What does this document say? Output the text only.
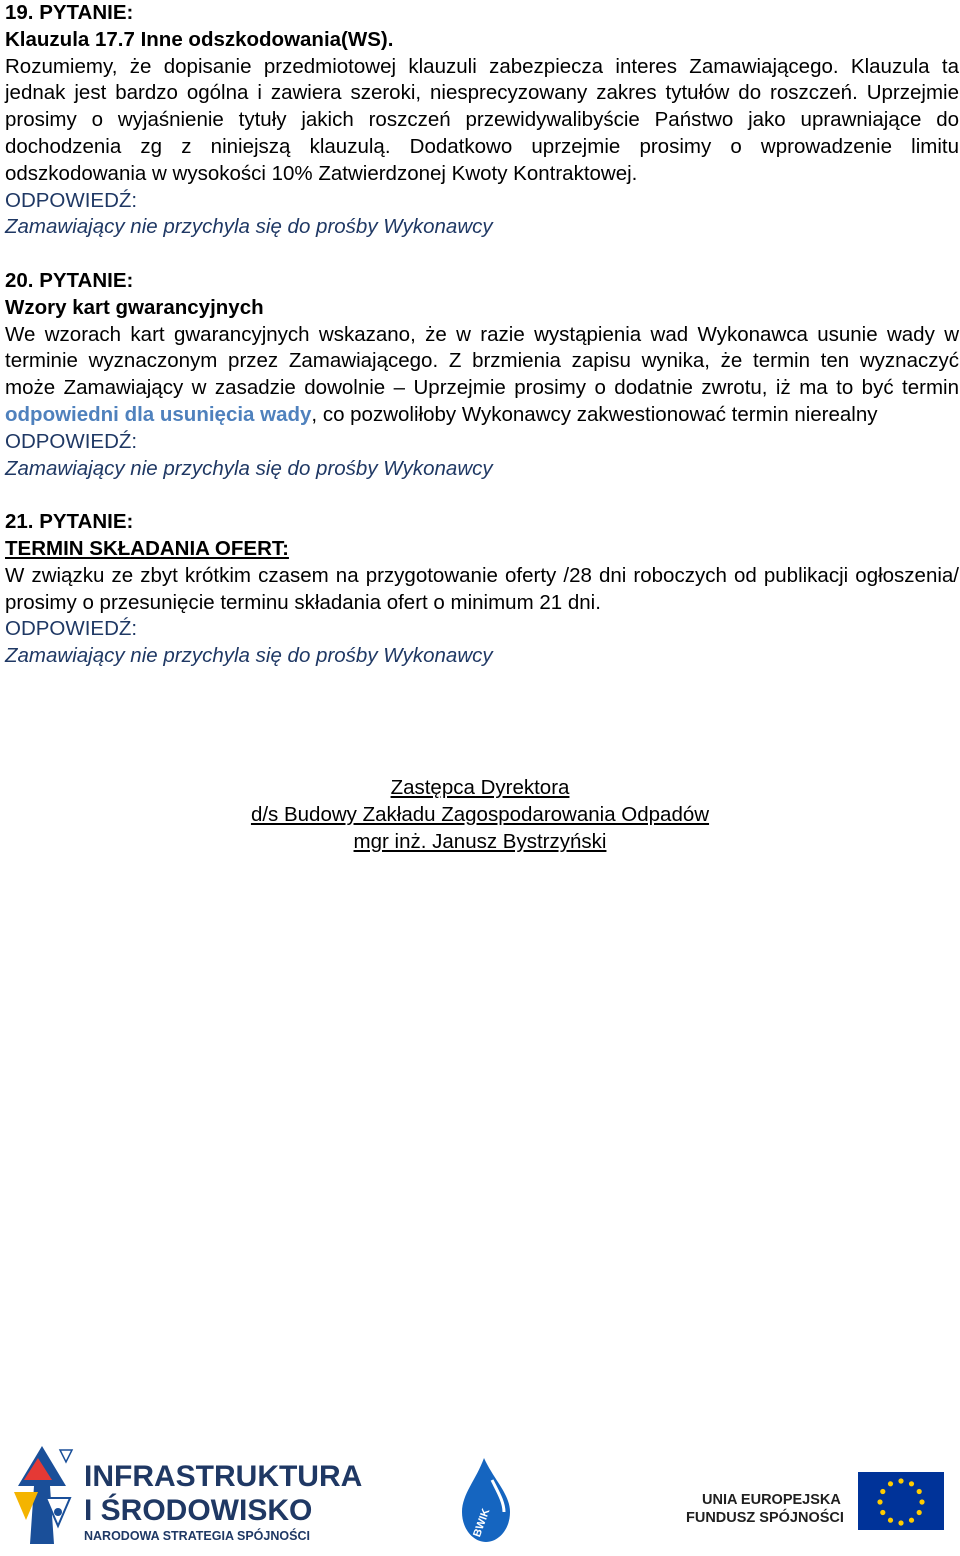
19. PYTANIE:

Klauzula 17.7 Inne odszkodowania(WS).

Rozumiemy, że dopisanie przedmiotowej klauzuli zabezpiecza interes Zamawiającego. Klauzula ta jednak jest bardzo ogólna i zawiera szeroki, niesprecyzowany zakres tytułów do roszczeń. Uprzejmie prosimy o wyjaśnienie tytuły jakich roszczeń przewidywalibyście Państwo jako uprawniające do dochodzenia zg z niniejszą klauzulą. Dodatkowo uprzejmie prosimy o wprowadzenie limitu odszkodowania w wysokości 10% Zatwierdzonej Kwoty Kontraktowej.

ODPOWIEDŹ:

Zamawiający nie przychyla się do prośby Wykonawcy

20. PYTANIE:

Wzory kart gwarancyjnych

We wzorach kart gwarancyjnych wskazano, że w razie wystąpienia wad Wykonawca usunie wady w terminie wyznaczonym przez Zamawiającego. Z brzmienia zapisu wynika, że termin ten wyznaczyć może Zamawiający w zasadzie dowolnie – Uprzejmie prosimy o dodatnie zwrotu, iż ma to być termin odpowiedni dla usunięcia wady, co pozwoliłoby Wykonawcy zakwestionować termin nierealny

ODPOWIEDŹ:

Zamawiający nie przychyla się do prośby Wykonawcy

21. PYTANIE:

TERMIN SKŁADANIA OFERT:

W związku ze zbyt krótkim czasem na przygotowanie oferty /28 dni roboczych od publikacji ogłoszenia/ prosimy o przesunięcie terminu składania ofert o minimum 21 dni.

ODPOWIEDŹ:

Zamawiający nie przychyla się do prośby Wykonawcy

Zastępca Dyrektora
d/s Budowy Zakładu Zagospodarowania Odpadów
mgr inż. Janusz Bystrzyński
INFRASTRUKTURA
I ŚRODOWISKO
NARODOWA STRATEGIA SPÓJNOŚCI	BWIK
UNIA EUROPEJSKA
FUNDUSZ SPÓJNOŚCI
